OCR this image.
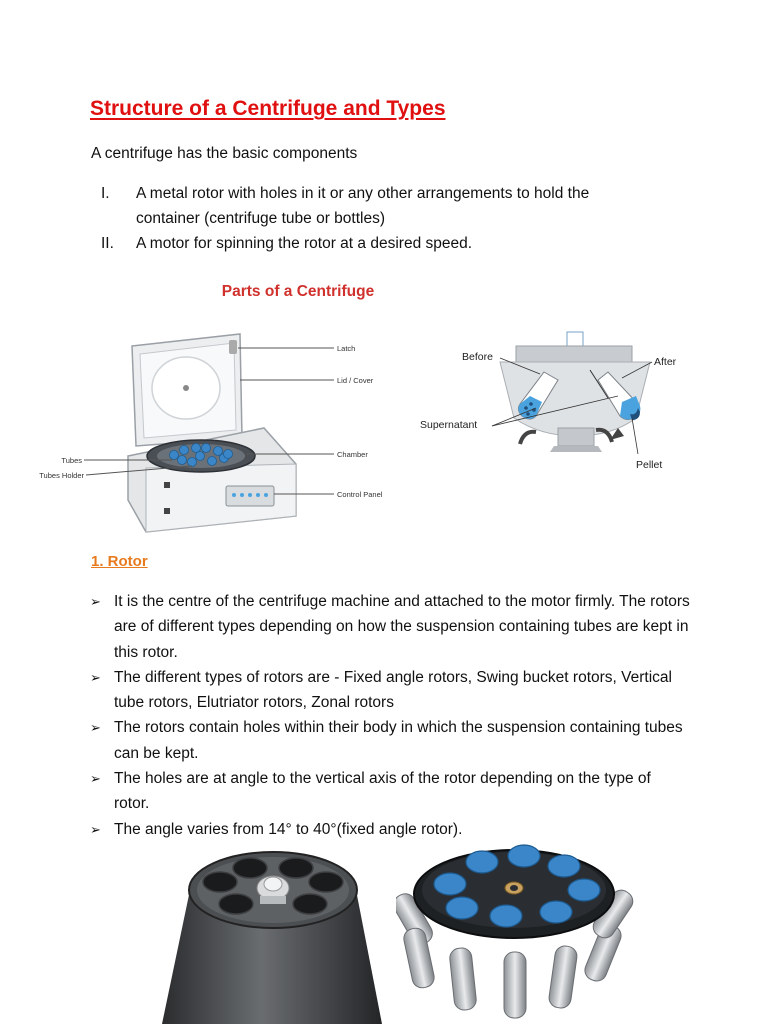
Structure of a Centrifuge and Types
A centrifuge has the basic components
I. A metal rotor with holes in it or any other arrangements to hold the container (centrifuge tube or bottles)
II. A motor for spinning the rotor at a desired speed.
Parts of a Centrifuge
Latch
Lid / Cover
Chamber
Control Panel
Tubes
Tubes Holder
Before	After
Supernatant
Pellet
1. Rotor
➢ It is the centre of the centrifuge machine and attached to the motor firmly. The rotors are of different types depending on how the suspension containing tubes are kept in this rotor.
➢ The different types of rotors are - Fixed angle rotors, Swing bucket rotors, Vertical tube rotors, Elutriator rotors, Zonal rotors
➢ The rotors contain holes within their body in which the suspension containing tubes can be kept.
➢ The holes are at angle to the vertical axis of the rotor depending on the type of rotor.
➢ The angle varies from 14° to 40°(fixed angle rotor).
